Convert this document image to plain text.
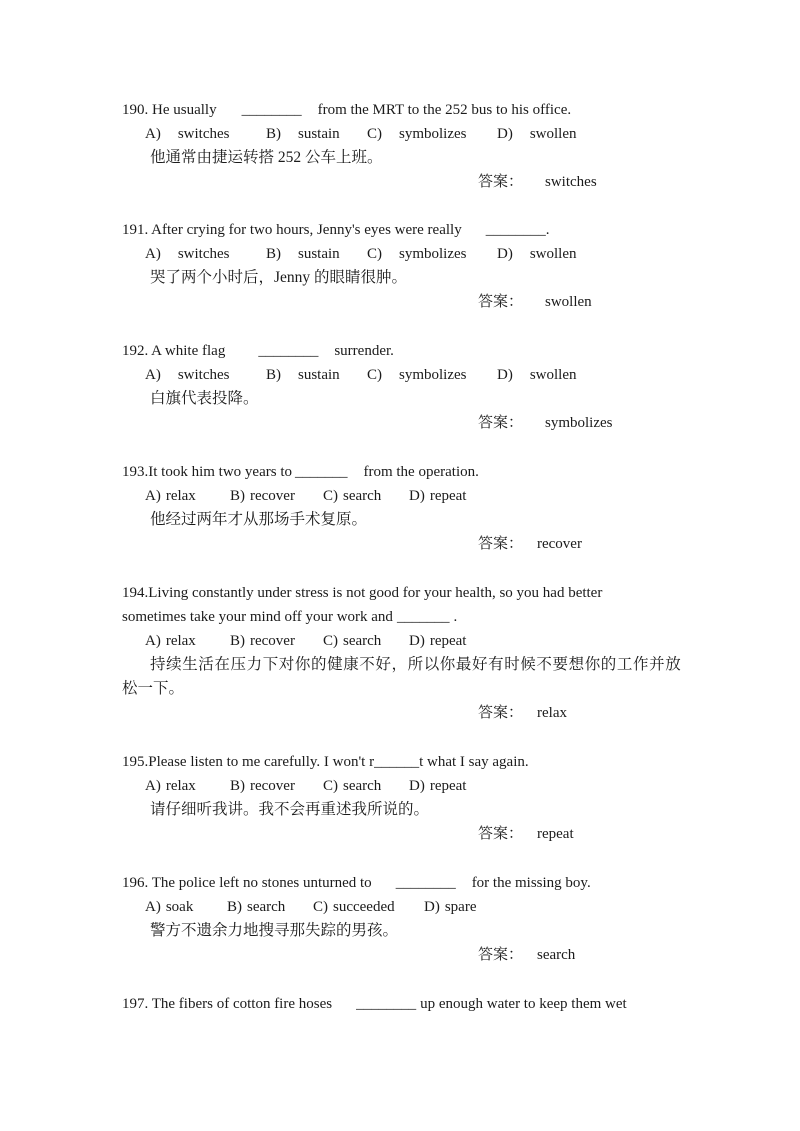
190. He usually ________ from the MRT to the 252 bus to his office.
A) switches B) sustain C) symbolizes D) swollen
他通常由捷运转搭 252 公车上班。
答案： switches
191. After crying for two hours, Jenny's eyes were really ________.
A) switches B) sustain C) symbolizes D) swollen
哭了两个小时后，Jenny 的眼睛很肿。
答案： swollen
192. A white flag ________ surrender.
A) switches B) sustain C) symbolizes D) swollen
白旗代表投降。
答案： symbolizes
193.It took him two years to _______ from the operation.
A) relax B) recover C) search D) repeat
他经过两年才从那场手术复原。
答案： recover
194.Living constantly under stress is not good for your health, so you had better
sometimes take your mind off your work and _______ .
A) relax B) recover C) search D) repeat
持续生活在压力下对你的健康不好，所以你最好有时候不要想你的工作并放
松一下。
答案： relax
195.Please listen to me carefully. I won't r______t what I say again.
A) relax B) recover C) search D) repeat
请仔细听我讲。我不会再重述我所说的。
答案： repeat
196. The police left no stones unturned to ________ for the missing boy.
A) soak B) search C) succeeded D) spare
警方不遗余力地搜寻那失踪的男孩。
答案： search
197. The fibers of cotton fire hoses ________ up enough water to keep them wet
